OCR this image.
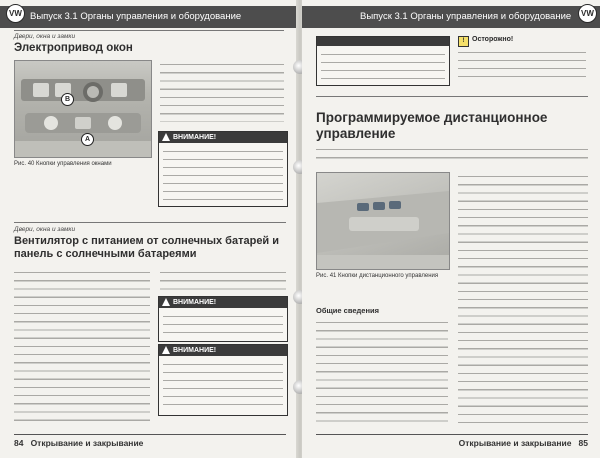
Выпуск 3.1 Органы управления и оборудование
VW
Двери, окна и замки
Электропривод окон
B
A
Рис. 40 Кнопки управления окнами
ВНИМАНИЕ!
Двери, окна и замки
Вентилятор с питанием от солнечных батарей и панель с солнечными батареями
ВНИМАНИЕ!
ВНИМАНИЕ!
84 Открывание и закрывание
Выпуск 3.1 Органы управления и оборудование	VW
!	Осторожно!
Программируемое дистанционное управление
Рис. 41 Кнопки дистанционного управления
Общие сведения
Открывание и закрывание 85
